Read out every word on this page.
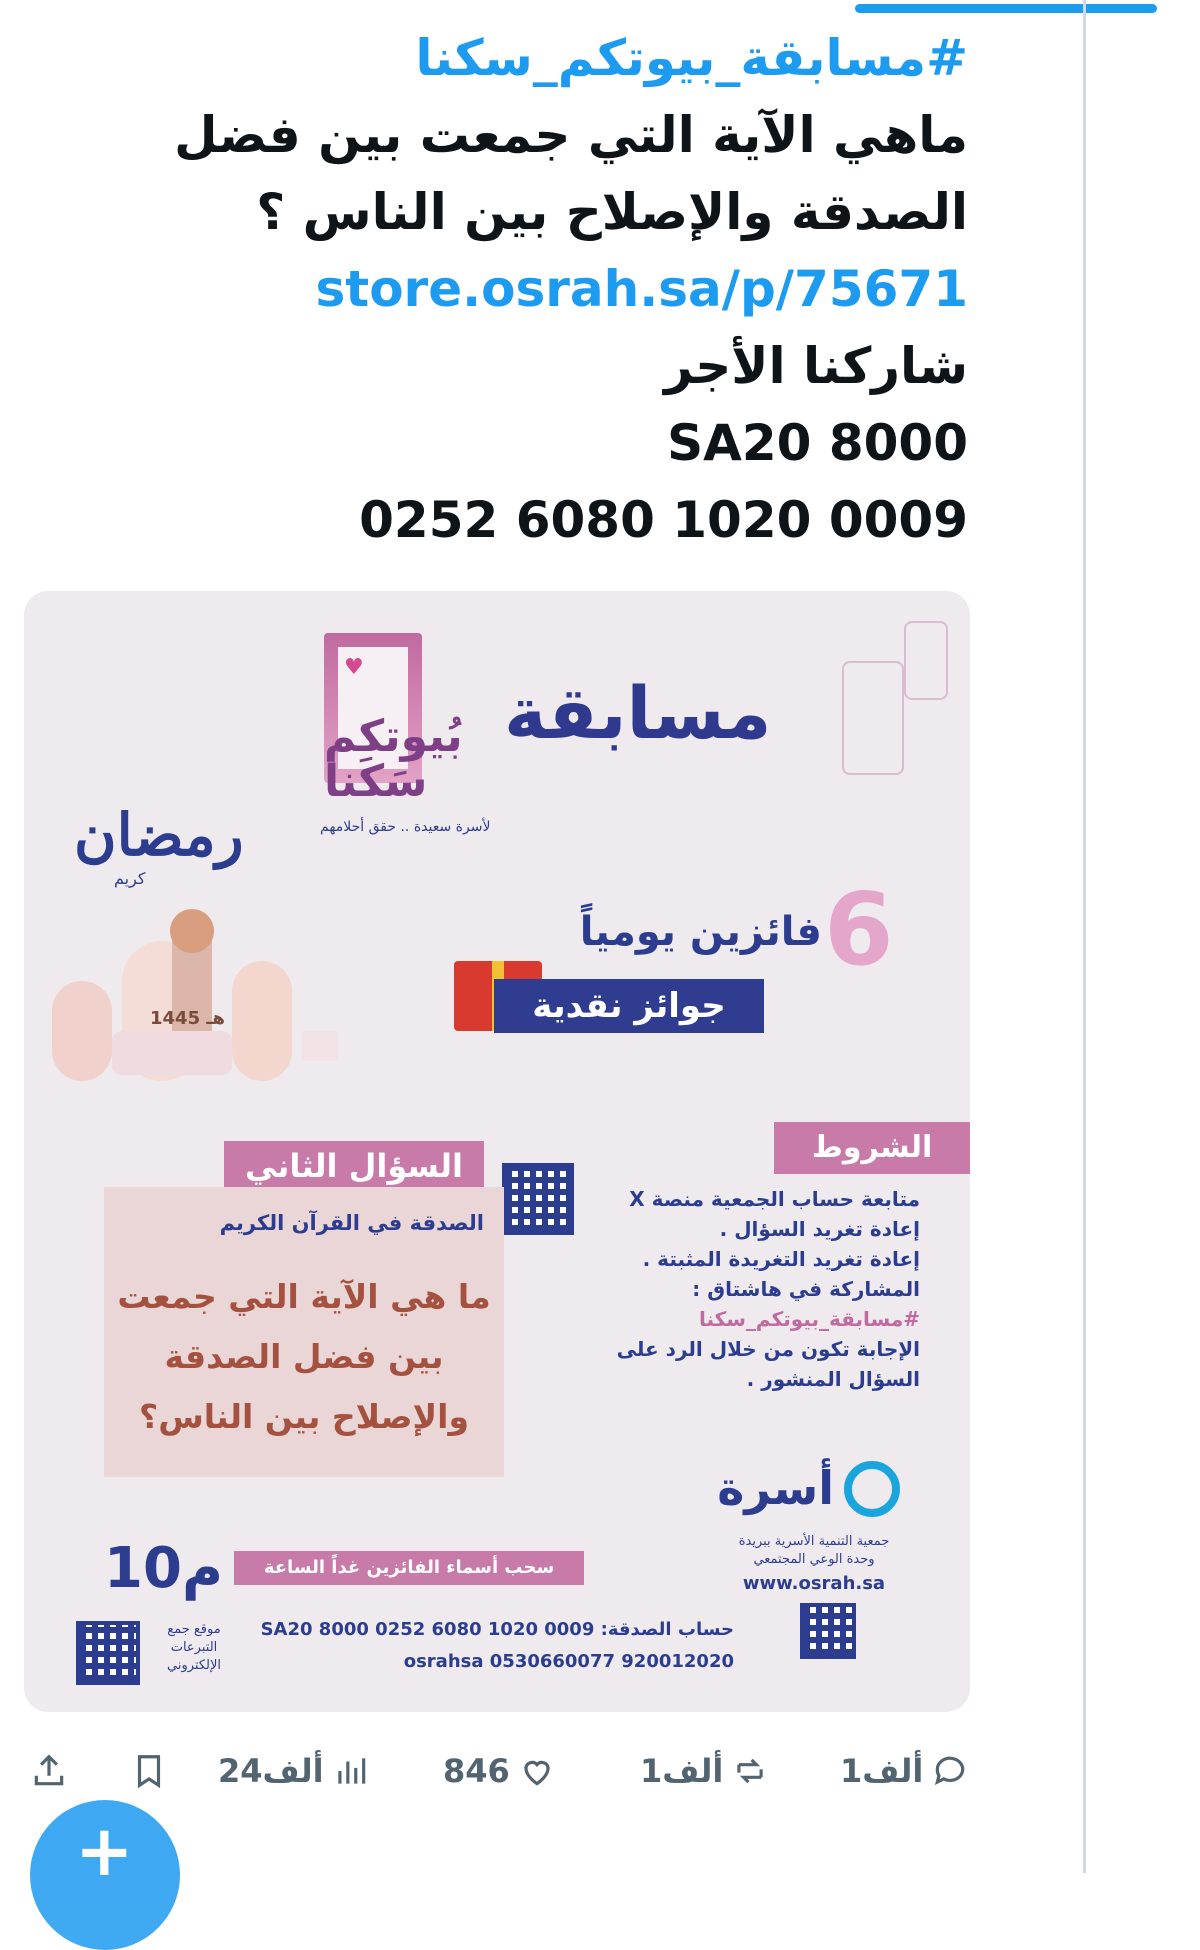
#مسابقة_بيوتكم_سكنا
ماهي الآية التي جمعت بين فضل
الصدقة والإصلاح بين الناس ؟
store.osrah.sa/p/75671
شاركنا الأجر
SA20 8000
0252 6080 1020 0009
♥
مسابقة
بُيوتكم
سَكَنا
لأسرة سعيدة .. حقق أحلامهم
رمضان
كريم
1445 هـ
6
فائزين يومياً
جوائز نقدية
الشروط
متابعة حساب الجمعية منصة X
إعادة تغريد السؤال .
إعادة تغريد التغريدة المثبتة .
المشاركة في هاشتاق :
#مسابقة_بيوتكم_سكنا
الإجابة تكون من خلال الرد على
السؤال المنشور .
السؤال الثاني
الصدقة في القرآن الكريم
ما هي الآية التي جمعت
بين فضل الصدقة
والإصلاح بين الناس؟
أسرة
جمعية التنمية الأسرية ببريدة
وحدة الوعي المجتمعي
www.osrah.sa
سحب أسماء الفائزين غداً الساعة
10م
حساب الصدقة: SA20 8000 0252 6080 1020 0009
osrahsa 0530660077 920012020
موقع جمع التبرعات الإلكتروني
1ألف
1ألف
846
24ألف
+
